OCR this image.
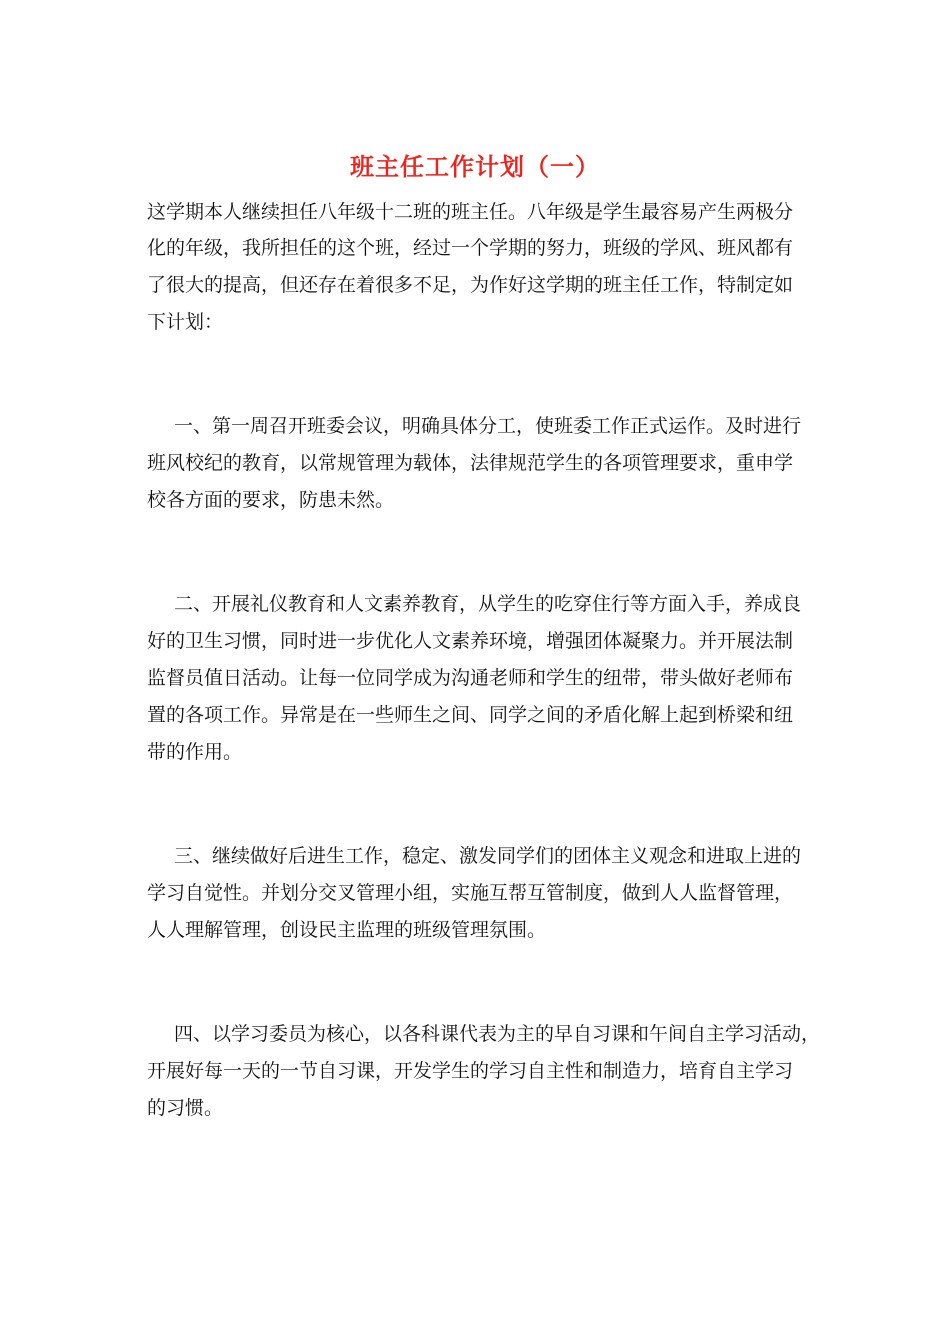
班主任工作计划（一）
这学期本人继续担任八年级十二班的班主任。八年级是学生最容易产生两极分
化的年级，我所担任的这个班，经过一个学期的努力，班级的学风、班风都有
了很大的提高，但还存在着很多不足，为作好这学期的班主任工作，特制定如
下计划：
一、第一周召开班委会议，明确具体分工，使班委工作正式运作。及时进行
班风校纪的教育，以常规管理为载体，法律规范学生的各项管理要求，重申学
校各方面的要求，防患未然。
二、开展礼仪教育和人文素养教育，从学生的吃穿住行等方面入手，养成良
好的卫生习惯，同时进一步优化人文素养环境，增强团体凝聚力。并开展法制
监督员值日活动。让每一位同学成为沟通老师和学生的纽带，带头做好老师布
置的各项工作。异常是在一些师生之间、同学之间的矛盾化解上起到桥梁和纽
带的作用。
三、继续做好后进生工作，稳定、激发同学们的团体主义观念和进取上进的
学习自觉性。并划分交叉管理小组，实施互帮互管制度，做到人人监督管理，
人人理解管理，创设民主监理的班级管理氛围。
四、以学习委员为核心，以各科课代表为主的早自习课和午间自主学习活动，
开展好每一天的一节自习课，开发学生的学习自主性和制造力，培育自主学习
的习惯。
